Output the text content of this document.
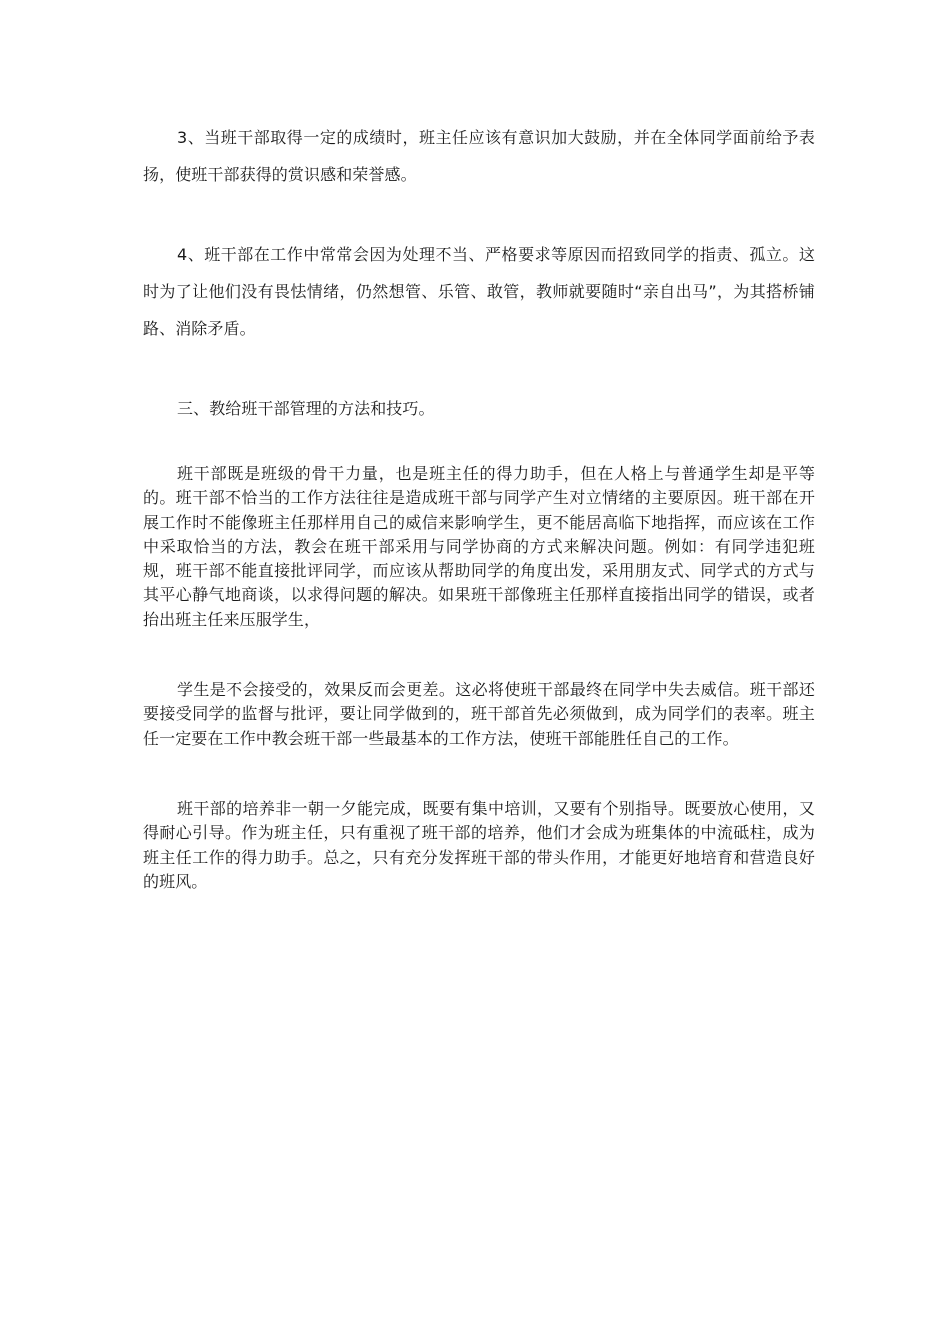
3、当班干部取得一定的成绩时，班主任应该有意识加大鼓励，并在全体同学面前给予表扬，使班干部获得的赏识感和荣誉感。

4、班干部在工作中常常会因为处理不当、严格要求等原因而招致同学的指责、孤立。这时为了让他们没有畏怯情绪，仍然想管、乐管、敢管，教师就要随时“亲自出马”，为其搭桥铺路、消除矛盾。

三、教给班干部管理的方法和技巧。

班干部既是班级的骨干力量，也是班主任的得力助手，但在人格上与普通学生却是平等的。班干部不恰当的工作方法往往是造成班干部与同学产生对立情绪的主要原因。班干部在开展工作时不能像班主任那样用自己的威信来影响学生，更不能居高临下地指挥，而应该在工作中采取恰当的方法，教会在班干部采用与同学协商的方式来解决问题。例如：有同学违犯班规，班干部不能直接批评同学，而应该从帮助同学的角度出发，采用朋友式、同学式的方式与其平心静气地商谈，以求得问题的解决。如果班干部像班主任那样直接指出同学的错误，或者抬出班主任来压服学生，

学生是不会接受的，效果反而会更差。这必将使班干部最终在同学中失去威信。班干部还要接受同学的监督与批评，要让同学做到的，班干部首先必须做到，成为同学们的表率。班主任一定要在工作中教会班干部一些最基本的工作方法，使班干部能胜任自己的工作。

班干部的培养非一朝一夕能完成，既要有集中培训，又要有个别指导。既要放心使用，又得耐心引导。作为班主任，只有重视了班干部的培养，他们才会成为班集体的中流砥柱，成为班主任工作的得力助手。总之，只有充分发挥班干部的带头作用，才能更好地培育和营造良好的班风。
